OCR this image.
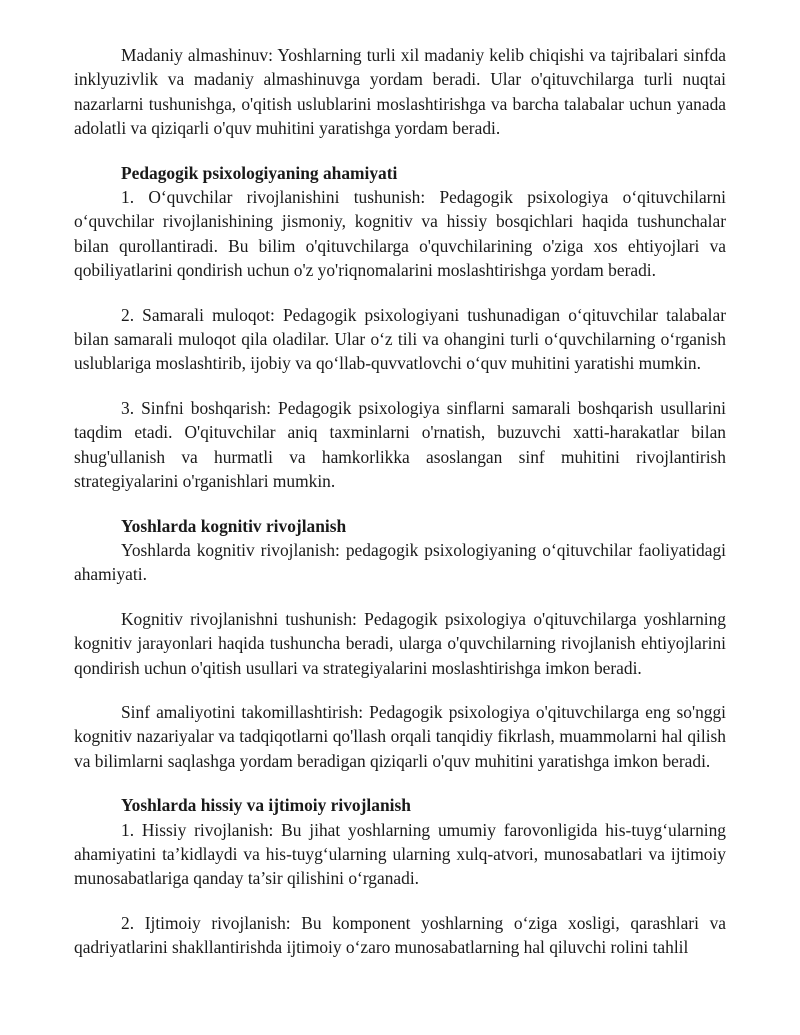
Madaniy almashinuv: Yoshlarning turli xil madaniy kelib chiqishi va tajribalari sinfda inklyuzivlik va madaniy almashinuvga yordam beradi. Ular o'qituvchilarga turli nuqtai nazarlarni tushunishga, o'qitish uslublarini moslashtirishga va barcha talabalar uchun yanada adolatli va qiziqarli o'quv muhitini yaratishga yordam beradi.

Pedagogik psixologiyaning ahamiyati

1. O‘quvchilar rivojlanishini tushunish: Pedagogik psixologiya o‘qituvchilarni o‘quvchilar rivojlanishining jismoniy, kognitiv va hissiy bosqichlari haqida tushunchalar bilan qurollantiradi. Bu bilim o'qituvchilarga o'quvchilarining o'ziga xos ehtiyojlari va qobiliyatlarini qondirish uchun o'z yo'riqnomalarini moslashtirishga yordam beradi.

2. Samarali muloqot: Pedagogik psixologiyani tushunadigan o‘qituvchilar talabalar bilan samarali muloqot qila oladilar. Ular o‘z tili va ohangini turli o‘quvchilarning o‘rganish uslublariga moslashtirib, ijobiy va qo‘llab-quvvatlovchi o‘quv muhitini yaratishi mumkin.

3. Sinfni boshqarish: Pedagogik psixologiya sinflarni samarali boshqarish usullarini taqdim etadi. O'qituvchilar aniq taxminlarni o'rnatish, buzuvchi xatti-harakatlar bilan shug'ullanish va hurmatli va hamkorlikka asoslangan sinf muhitini rivojlantirish strategiyalarini o'rganishlari mumkin.

Yoshlarda kognitiv rivojlanish

Yoshlarda kognitiv rivojlanish: pedagogik psixologiyaning o‘qituvchilar faoliyatidagi ahamiyati.

Kognitiv rivojlanishni tushunish: Pedagogik psixologiya o'qituvchilarga yoshlarning kognitiv jarayonlari haqida tushuncha beradi, ularga o'quvchilarning rivojlanish ehtiyojlarini qondirish uchun o'qitish usullari va strategiyalarini moslashtirishga imkon beradi.

Sinf amaliyotini takomillashtirish: Pedagogik psixologiya o'qituvchilarga eng so'nggi kognitiv nazariyalar va tadqiqotlarni qo'llash orqali tanqidiy fikrlash, muammolarni hal qilish va bilimlarni saqlashga yordam beradigan qiziqarli o'quv muhitini yaratishga imkon beradi.

Yoshlarda hissiy va ijtimoiy rivojlanish

1. Hissiy rivojlanish: Bu jihat yoshlarning umumiy farovonligida his-tuyg‘ularning ahamiyatini ta’kidlaydi va his-tuyg‘ularning ularning xulq-atvori, munosabatlari va ijtimoiy munosabatlariga qanday ta’sir qilishini o‘rganadi.

2. Ijtimoiy rivojlanish: Bu komponent yoshlarning o‘ziga xosligi, qarashlari va qadriyatlarini shakllantirishda ijtimoiy o‘zaro munosabatlarning hal qiluvchi rolini tahlil
